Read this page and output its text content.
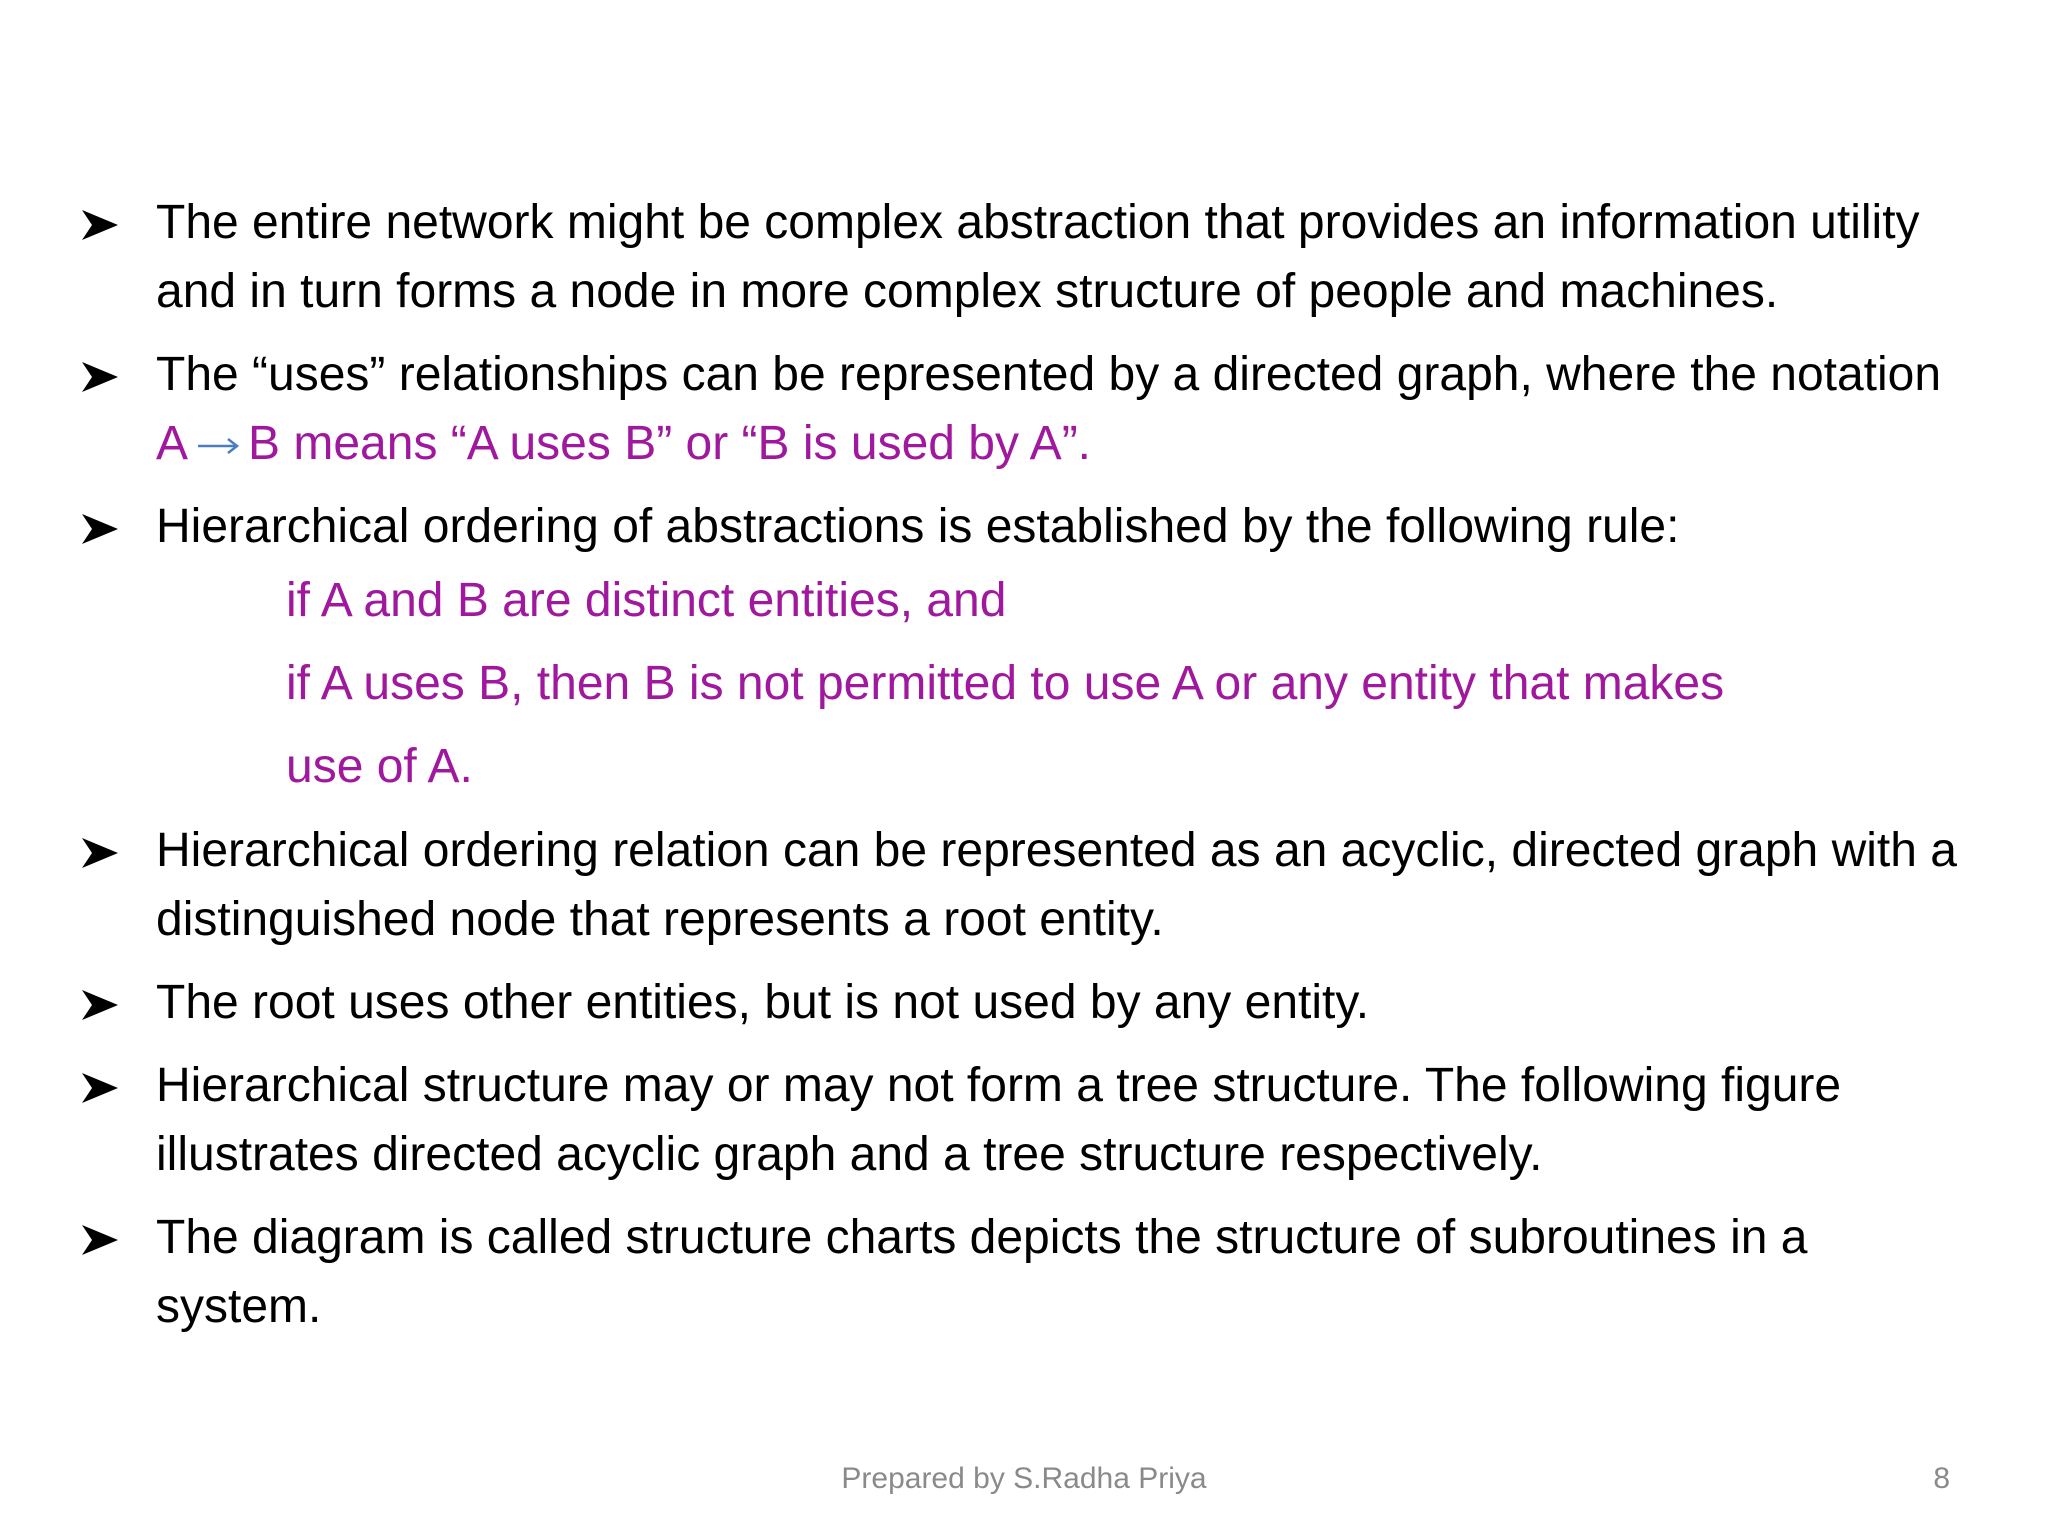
The entire network might be complex abstraction that provides an information utility and in turn forms a node in more complex structure of people and machines.
The “uses” relationships can be represented by a directed graph, where the notation A B means “A uses B” or “B is used by A”.
Hierarchical ordering of abstractions is established by the following rule:
if A and B are distinct entities, and
if A uses B, then B is not permitted to use A or any entity that makes
use of A.
Hierarchical ordering relation can be represented as an acyclic, directed graph with a distinguished node that represents a root entity.
The root uses other entities, but is not used by any entity.
Hierarchical structure may or may not form a tree structure. The following figure illustrates directed acyclic graph and a tree structure respectively.
The diagram is called structure charts depicts the structure of subroutines in a system.
Prepared by S.Radha Priya	8
